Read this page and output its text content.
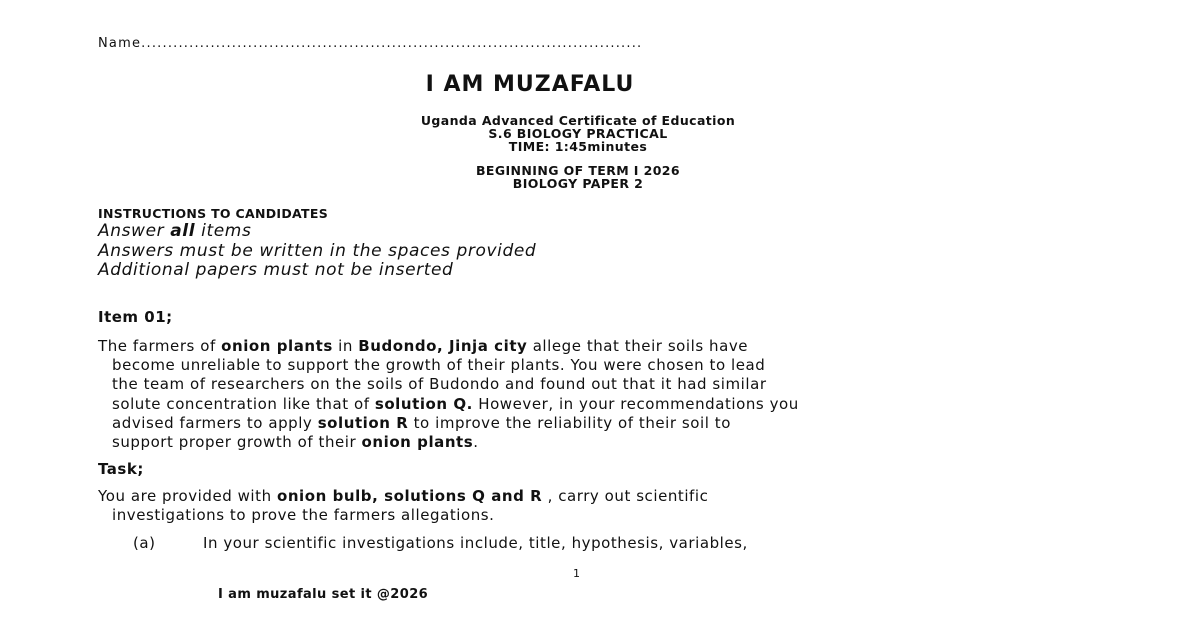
Name..............................................................................................
I AM MUZAFALU
Uganda Advanced Certificate of Education
S.6 BIOLOGY PRACTICAL
TIME: 1:45minutes
BEGINNING OF TERM I 2026
BIOLOGY PAPER 2
INSTRUCTIONS TO CANDIDATES
Answer all items
Answers must be written in the spaces provided
Additional papers must not be inserted
Item 01;
The farmers of onion plants in Budondo, Jinja city allege that their soils have
become unreliable to support the growth of their plants. You were chosen to lead
the team of researchers on the soils of Budondo and found out that it had similar
solute concentration like that of solution Q. However, in your recommendations you
advised farmers to apply solution R to improve the reliability of their soil to
support proper growth of their onion plants.
Task;
You are provided with onion bulb, solutions Q and R , carry out scientific
investigations to prove the farmers allegations.
(a)	In your scientific investigations include, title, hypothesis, variables,
1
I am muzafalu set it @2026
